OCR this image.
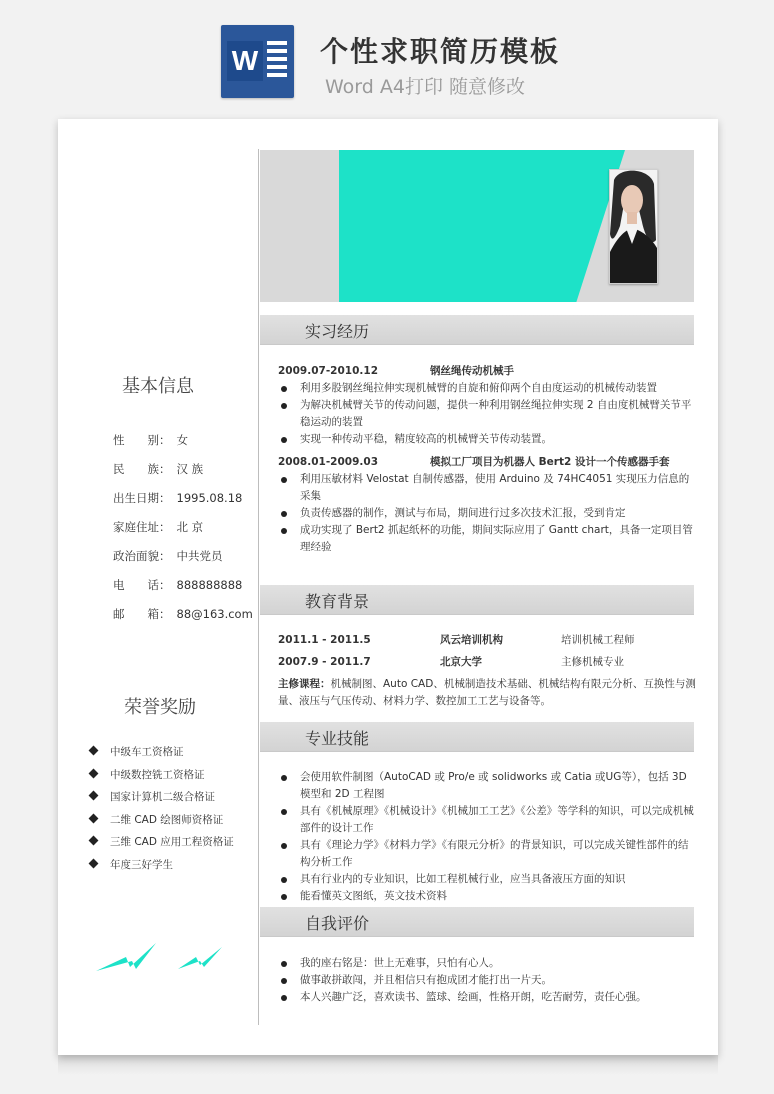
W 个性求职简历模板
Word A4打印 随意修改
基本信息
性　　别： 女
民　　族： 汉 族
出生日期： 1995.08.18
家庭住址： 北 京
政治面貌： 中共党员
电　　话： 888888888
邮　　箱： 88@163.com
荣誉奖励
中级车工资格证
中级数控铣工资格证
国家计算机二级合格证
二维 CAD 绘图师资格证
三维 CAD 应用工程资格证
年度三好学生
实习经历
2009.07-2010.12	钢丝绳传动机械手
利用多股钢丝绳拉伸实现机械臂的自旋和俯仰两个自由度运动的机械传动装置
为解决机械臂关节的传动问题，提供一种利用钢丝绳拉伸实现 2 自由度机械臂关节平稳运动的装置
实现一种传动平稳，精度较高的机械臂关节传动装置。
2008.01-2009.03	模拟工厂项目为机器人 Bert2 设计一个传感器手套
利用压敏材料 Velostat 自制传感器，使用 Arduino 及 74HC4051 实现压力信息的采集
负责传感器的制作，测试与布局，期间进行过多次技术汇报，受到肯定
成功实现了 Bert2 抓起纸杯的功能，期间实际应用了 Gantt chart，具备一定项目管理经验
教育背景
2011.1 - 2011.5	风云培训机构	培训机械工程师
2007.9 - 2011.7	北京大学	主修机械专业
主修课程：机械制图、Auto CAD、机械制造技术基础、机械结构有限元分析、互换性与测量、液压与气压传动、材料力学、数控加工工艺与设备等。
专业技能
会使用软件制图（AutoCAD 或 Pro/e 或 solidworks 或 Catia 或UG等），包括 3D 模型和 2D 工程图
具有《机械原理》《机械设计》《机械加工工艺》《公差》等学科的知识，可以完成机械部件的设计工作
具有《理论力学》《材料力学》《有限元分析》的背景知识，可以完成关键性部件的结构分析工作
具有行业内的专业知识，比如工程机械行业，应当具备液压方面的知识
能看懂英文图纸，英文技术资料
自我评价
我的座右铭是：世上无难事，只怕有心人。
做事敢拼敢闯，并且相信只有抱成团才能打出一片天。
本人兴趣广泛，喜欢读书、篮球、绘画，性格开朗，吃苦耐劳，责任心强。
